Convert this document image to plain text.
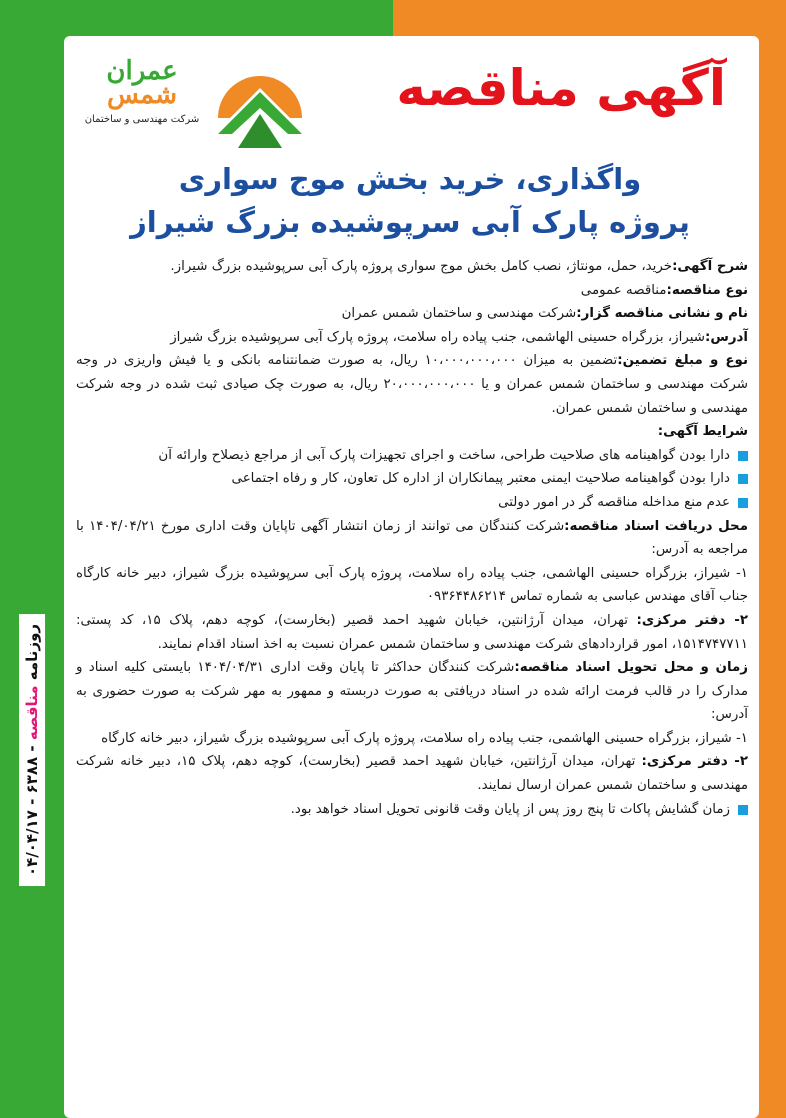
روزنامه مناقصه - ۶۳۸۸ - ۰۴/۰۴/۱۷
عمران
شمس
شرکت مهندسی و ساختمان
آگهی مناقصه
واگذاری، خرید بخش موج سواری
پروژه پارک آبی سرپوشیده بزرگ شیراز

شرح آگهی:خرید، حمل، مونتاژ، نصب کامل بخش موج سواری پروژه پارک آبی سرپوشیده بزرگ شیراز.

نوع مناقصه:مناقصه عمومی

نام و نشانی مناقصه گزار:شرکت مهندسی و ساختمان شمس عمران

آدرس:شیراز، بزرگراه حسینی الهاشمی، جنب پیاده راه سلامت، پروژه پارک آبی سرپوشیده بزرگ شیراز

نوع و مبلغ تضمین:تضمین به میزان ۱۰،۰۰۰،۰۰۰،۰۰۰ ریال، به صورت ضمانتنامه بانکی و یا فیش واریزی در وجه شرکت مهندسی و ساختمان شمس عمران و یا ۲۰،۰۰۰،۰۰۰،۰۰۰ ریال، به صورت چک صیادی ثبت شده در وجه شرکت مهندسی و ساختمان شمس عمران.

شرایط آگهی:

دارا بودن گواهینامه های صلاحیت طراحی، ساخت و اجرای تجهیزات پارک آبی از مراجع ذیصلاح وارائه آن

دارا بودن گواهینامه صلاحیت ایمنی معتبر پیمانکاران از اداره کل تعاون، کار و رفاه اجتماعی

عدم منع مداخله مناقصه گر در امور دولتی

محل دریافت اسناد مناقصه:شرکت کنندگان می توانند از زمان انتشار آگهی تاپایان وقت اداری مورخ ۱۴۰۴/۰۴/۲۱ با مراجعه به آدرس:

۱- شیراز، بزرگراه حسینی الهاشمی، جنب پیاده راه سلامت، پروژه پارک آبی سرپوشیده بزرگ شیراز، دبیر خانه کارگاه جناب آقای مهندس عباسی به شماره تماس ۰۹۳۶۴۴۸۶۲۱۴

۲- دفتر مرکزی: تهران، میدان آرژانتین، خیابان شهید احمد قصیر (بخارست)، کوچه دهم، پلاک ۱۵، کد پستی: ۱۵۱۴۷۴۷۷۱۱، امور قراردادهای شرکت مهندسی و ساختمان شمس عمران نسبت به اخذ اسناد اقدام نمایند.

زمان و محل تحویل اسناد مناقصه:شرکت کنندگان حداکثر تا پایان وقت اداری ۱۴۰۴/۰۴/۳۱ بایستی کلیه اسناد و مدارک را در قالب فرمت ارائه شده در اسناد دریافتی به صورت دربسته و ممهور به مهر شرکت به صورت حضوری به آدرس:

۱- شیراز، بزرگراه حسینی الهاشمی، جنب پیاده راه سلامت، پروژه پارک آبی سرپوشیده بزرگ شیراز، دبیر خانه کارگاه

۲- دفتر مرکزی: تهران، میدان آرژانتین، خیابان شهید احمد قصیر (بخارست)، کوچه دهم، پلاک ۱۵، دبیر خانه شرکت مهندسی و ساختمان شمس عمران ارسال نمایند.

زمان گشایش پاکات تا پنج روز پس از پایان وقت قانونی تحویل اسناد خواهد بود.
